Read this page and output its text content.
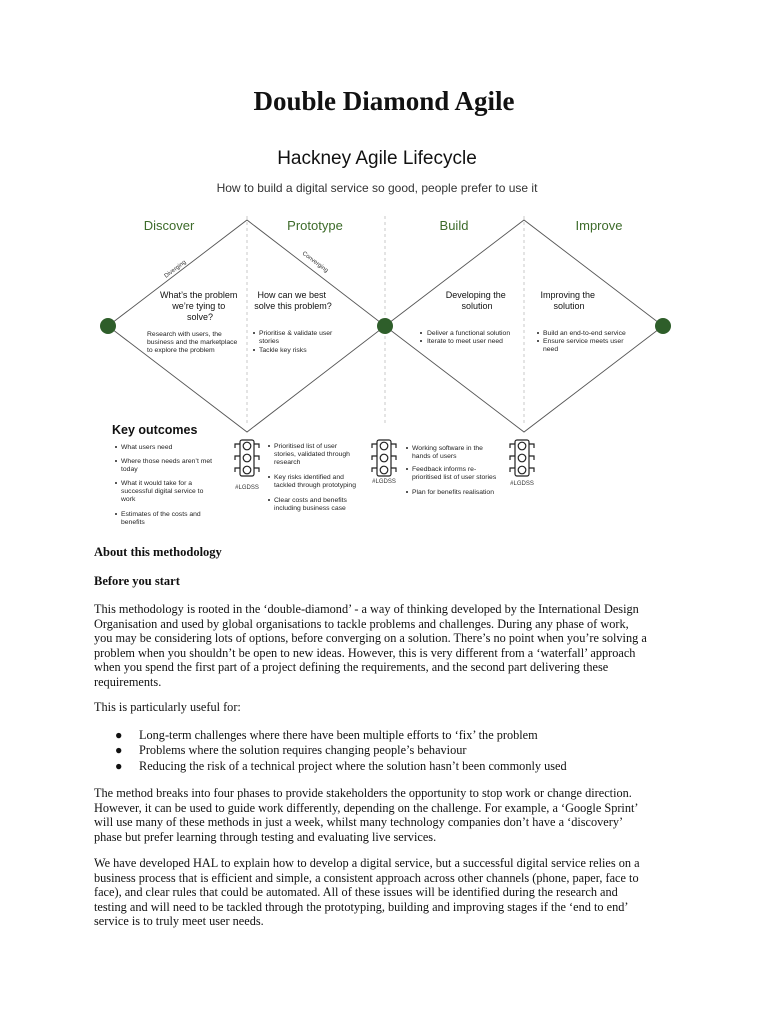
Double Diamond Agile
Hackney Agile Lifecycle
How to build a digital service so good, people prefer to use it
Discover	Prototype	Build	Improve
Diverging	Converging
What’s the problem we’re tying to solve?
How can we best solve this problem?
Developing the solution
Improving the solution
Research with users, the business and the marketplace to explore the problem
Prioritise & validate user stories Tackle key risks
Deliver a functional solution Iterate to meet user need
Build an end-to-end service Ensure service meets user need
Key outcomes
What users need
Where those needs aren’t met today
What it would take for a successful digital service to work
Estimates of the costs and benefits
#LGDSS
#LGDSS	#LGDSS
Prioritised list of user stories, validated through research
Key risks identified and tackled through prototyping
Clear costs and benefits including business case
Working software in the hands of users
Feedback informs re-prioritised list of user stories
Plan for benefits realisation
About this methodology
Before you start
This methodology is rooted in the ‘double-diamond’ - a way of thinking developed by the International Design
Organisation and used by global organisations to tackle problems and challenges. During any phase of work,
you may be considering lots of options, before converging on a solution. There’s no point when you’re solving a
problem when you shouldn’t be open to new ideas. However, this is very different from a ‘waterfall’ approach
when you spend the first part of a project defining the requirements, and the second part delivering these
requirements.
This is particularly useful for:
● Long-term challenges where there have been multiple efforts to ‘fix’ the problem
● Problems where the solution requires changing people’s behaviour
● Reducing the risk of a technical project where the solution hasn’t been commonly used
The method breaks into four phases to provide stakeholders the opportunity to stop work or change direction.
However, it can be used to guide work differently, depending on the challenge. For example, a ‘Google Sprint’
will use many of these methods in just a week, whilst many technology companies don’t have a ‘discovery’
phase but prefer learning through testing and evaluating live services.
We have developed HAL to explain how to develop a digital service, but a successful digital service relies on a
business process that is efficient and simple, a consistent approach across other channels (phone, paper, face to
face), and clear rules that could be automated. All of these issues will be identified during the research and
testing and will need to be tackled through the prototyping, building and improving stages if the ‘end to end’
service is to truly meet user needs.
